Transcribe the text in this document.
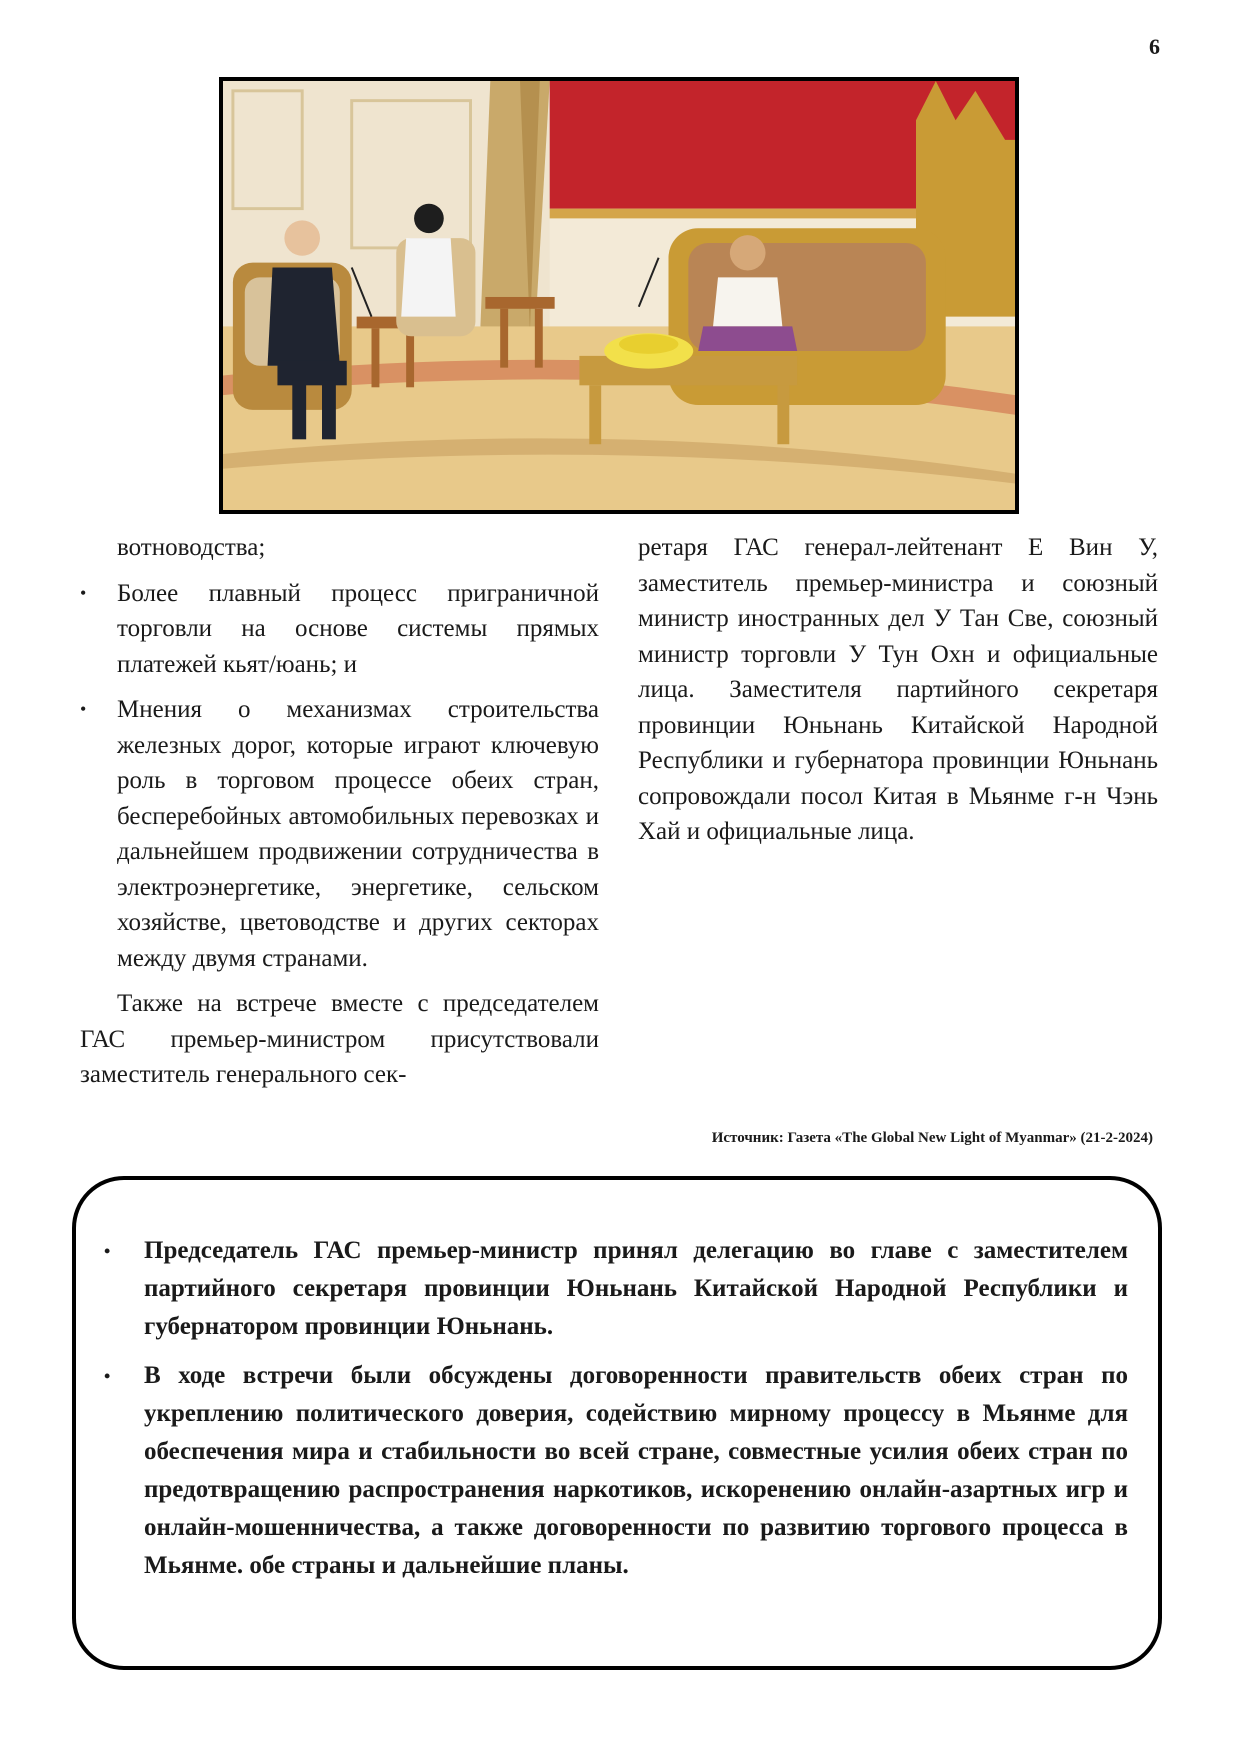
6

вотноводства;

• Более плавный процесс приграничной торговли на основе системы прямых платежей кьят/юань; и
• Мнения о механизмах строительства железных дорог, которые играют ключевую роль в торговом процессе обеих стран, бесперебойных автомобильных перевозках и дальнейшем продвижении сотрудничества в электроэнергетике, энергетике, сельском хозяйстве, цветоводстве и других секторах между двумя странами.

Также на встрече вместе с председателем ГАС премьер-министром присутствовали заместитель генерального сек-

ретаря ГАС генерал-лейтенант Е Вин У, заместитель премьер-министра и союзный министр иностранных дел У Тан Све, союзный министр торговли У Тун Охн и официальные лица. Заместителя партийного секретаря провинции Юньнань Китайской Народной Республики и губернатора провинции Юньнань сопровождали посол Китая в Мьянме г-н Чэнь Хай и официальные лица.

Источник: Газета «The Global New Light of Myanmar» (21-2-2024)
• Председатель ГАС премьер-министр принял делегацию во главе с заместителем партийного секретаря провинции Юньнань Китайской Народной Республики и губернатором провинции Юньнань.
• В ходе встречи были обсуждены договоренности правительств обеих стран по укреплению политического доверия, содействию мирному процессу в Мьянме для обеспечения мира и стабильности во всей стране, совместные усилия обеих стран по предотвращению распространения наркотиков, искоренению онлайн-азартных игр и онлайн-мошенничества, а также договоренности по развитию торгового процесса в Мьянме. обе страны и дальнейшие планы.
